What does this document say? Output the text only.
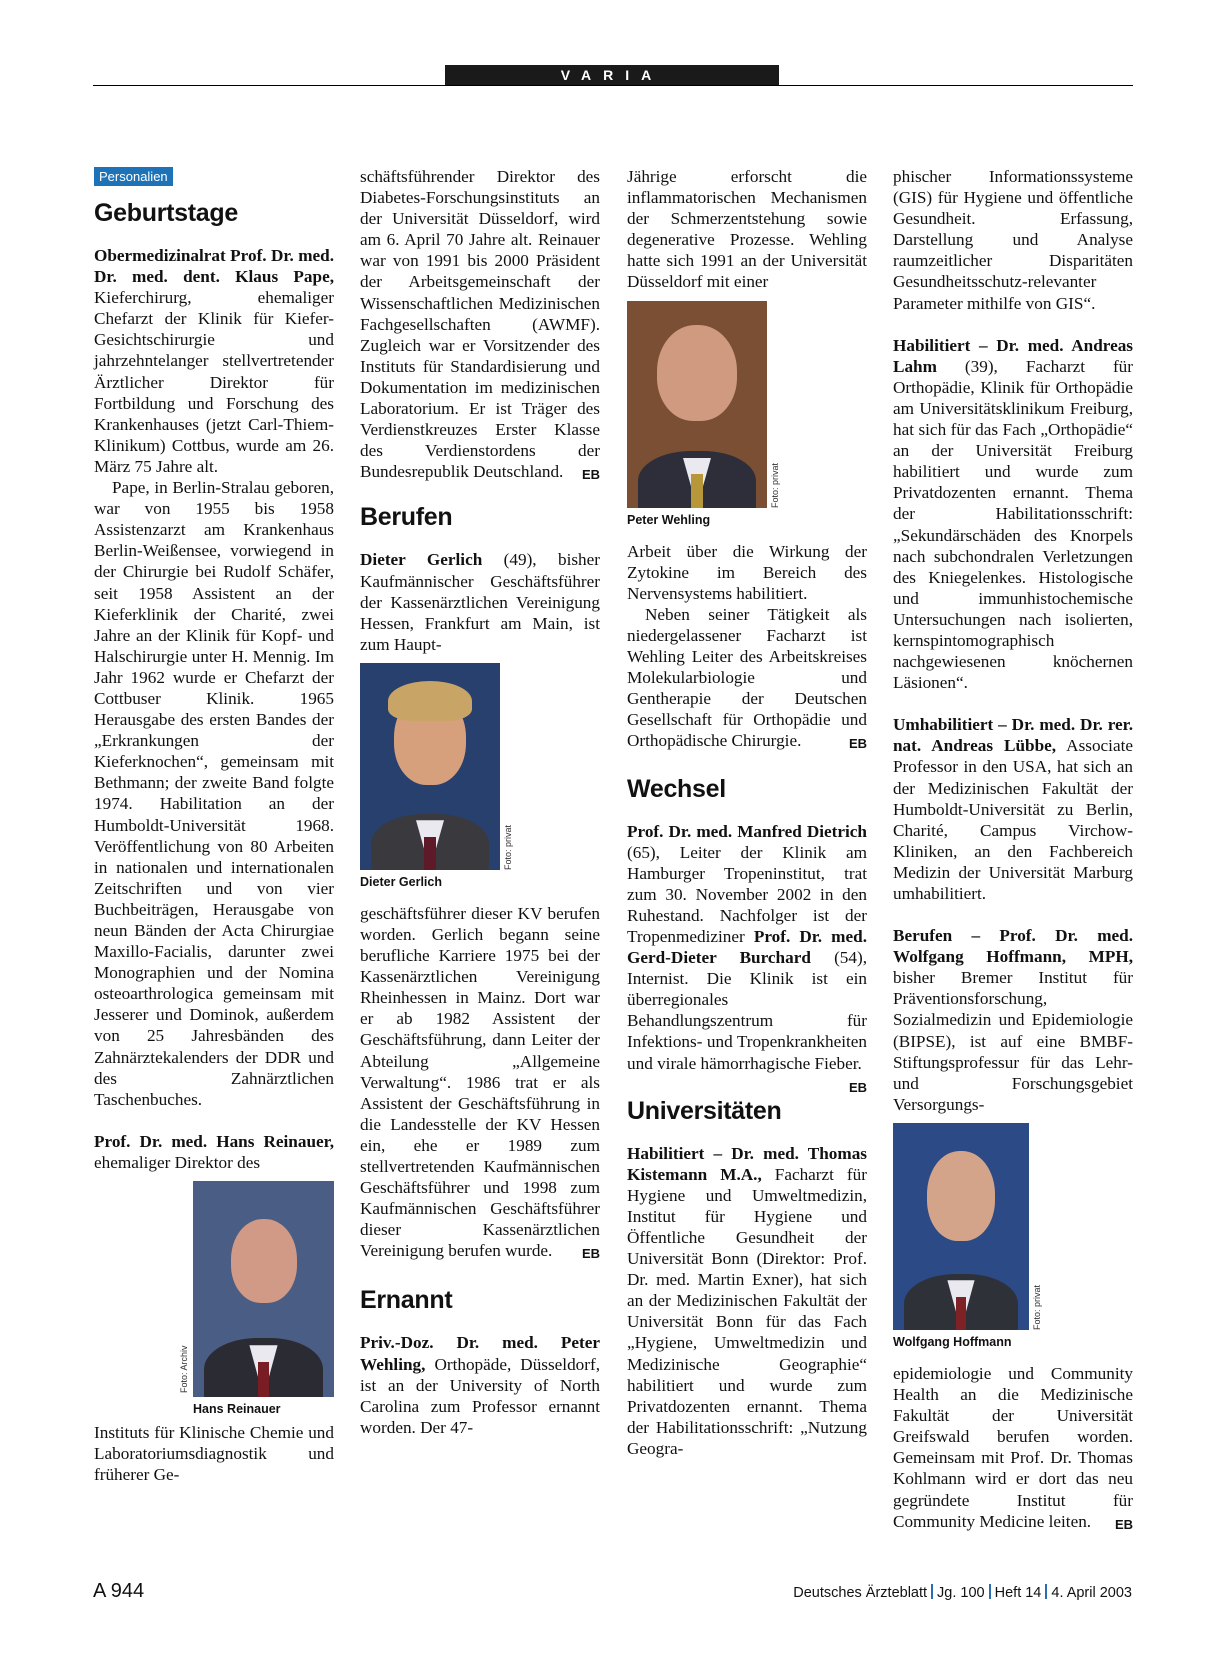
VARIA
Personalien
Geburtstage

Obermedizinalrat Prof. Dr. med. Dr. med. dent. Klaus Pape, Kieferchirurg, ehemaliger Chefarzt der Klinik für Kiefer-Gesichtschirurgie und jahrzehntelanger stellvertretender Ärztlicher Direktor für Fortbildung und Forschung des Krankenhauses (jetzt Carl-Thiem-Klinikum) Cottbus, wurde am 26. März 75 Jahre alt.

Pape, in Berlin-Stralau geboren, war von 1955 bis 1958 Assistenzarzt am Krankenhaus Berlin-Weißensee, vorwiegend in der Chirurgie bei Rudolf Schäfer, seit 1958 Assistent an der Kieferklinik der Charité, zwei Jahre an der Klinik für Kopf- und Halschirurgie unter H. Mennig. Im Jahr 1962 wurde er Chefarzt der Cottbuser Klinik. 1965 Herausgabe des ersten Bandes der „Erkrankungen der Kieferknochen“, gemeinsam mit Bethmann; der zweite Band folgte 1974. Habilitation an der Humboldt-Universität 1968. Veröffentlichung von 80 Arbeiten in nationalen und internationalen Zeitschriften und von vier Buchbeiträgen, Herausgabe von neun Bänden der Acta Chirurgiae Maxillo-Facialis, darunter zwei Monographien und der Nomina osteoarthrologica gemeinsam mit Jesserer und Dominok, außerdem von 25 Jahresbänden des Zahnärztekalenders der DDR und des Zahnärztlichen Taschenbuches.

Prof. Dr. med. Hans Reinauer, ehemaliger Direktor des

Foto: Archiv
Hans Reinauer

Instituts für Klinische Chemie und Laboratoriumsdiagnostik und früherer Ge-

schäftsführender Direktor des Diabetes-Forschungsinstituts an der Universität Düsseldorf, wird am 6. April 70 Jahre alt. Reinauer war von 1991 bis 2000 Präsident der Arbeitsgemeinschaft der Wissenschaftlichen Medizinischen Fachgesellschaften (AWMF). Zugleich war er Vorsitzender des Instituts für Standardisierung und Dokumentation im medizinischen Laboratorium. Er ist Träger des Verdienstkreuzes Erster Klasse des Verdienstordens der Bundesrepublik Deutschland. EB

Berufen

Dieter Gerlich (49), bisher Kaufmännischer Geschäftsführer der Kassenärztlichen Vereinigung Hessen, Frankfurt am Main, ist zum Haupt-

Foto: privat
Dieter Gerlich

geschäftsführer dieser KV berufen worden. Gerlich begann seine berufliche Karriere 1975 bei der Kassenärztlichen Vereinigung Rheinhessen in Mainz. Dort war er ab 1982 Assistent der Geschäftsführung, dann Leiter der Abteilung „Allgemeine Verwaltung“. 1986 trat er als Assistent der Geschäftsführung in die Landesstelle der KV Hessen ein, ehe er 1989 zum stellvertretenden Kaufmännischen Geschäftsführer und 1998 zum Kaufmännischen Geschäftsführer dieser Kassenärztlichen Vereinigung berufen wurde. EB

Ernannt

Priv.-Doz. Dr. med. Peter Wehling, Orthopäde, Düsseldorf, ist an der University of North Carolina zum Professor ernannt worden. Der 47-

Jährige erforscht die inflammatorischen Mechanismen der Schmerzentstehung sowie degenerative Prozesse. Wehling hatte sich 1991 an der Universität Düsseldorf mit einer

Foto: privat
Peter Wehling

Arbeit über die Wirkung der Zytokine im Bereich des Nervensystems habilitiert.

Neben seiner Tätigkeit als niedergelassener Facharzt ist Wehling Leiter des Arbeitskreises Molekularbiologie und Gentherapie der Deutschen Gesellschaft für Orthopädie und Orthopädische Chirurgie.	EB

Wechsel

Prof. Dr. med. Manfred Dietrich (65), Leiter der Klinik am Hamburger Tropeninstitut, trat zum 30. November 2002 in den Ruhestand. Nachfolger ist der Tropenmediziner Prof. Dr. med. Gerd-Dieter Burchard (54), Internist. Die Klinik ist ein überregionales Behandlungszentrum für Infektions- und Tropenkrankheiten und virale hämorrhagische Fieber.
EB

Universitäten

Habilitiert – Dr. med. Thomas Kistemann M.A., Facharzt für Hygiene und Umweltmedizin, Institut für Hygiene und Öffentliche Gesundheit der Universität Bonn (Direktor: Prof. Dr. med. Martin Exner), hat sich an der Medizinischen Fakultät der Universität Bonn für das Fach „Hygiene, Umweltmedizin und Medizinische Geographie“ habilitiert und wurde zum Privatdozenten ernannt. Thema der Habilitationsschrift: „Nutzung Geogra-

phischer Informationssysteme (GIS) für Hygiene und öffentliche Gesundheit. Erfassung, Darstellung und Analyse raumzeitlicher Disparitäten Gesundheitsschutz-relevanter Parameter mithilfe von GIS“.

Habilitiert – Dr. med. Andreas Lahm (39), Facharzt für Orthopädie, Klinik für Orthopädie am Universitätsklinikum Freiburg, hat sich für das Fach „Orthopädie“ an der Universität Freiburg habilitiert und wurde zum Privatdozenten ernannt. Thema der Habilitationsschrift: „Sekundärschäden des Knorpels nach subchondralen Verletzungen des Kniegelenkes. Histologische und immunhistochemische Untersuchungen nach isolierten, kernspintomographisch nachgewiesenen knöchernen Läsionen“.

Umhabilitiert – Dr. med. Dr. rer. nat. Andreas Lübbe, Associate Professor in den USA, hat sich an der Medizinischen Fakultät der Humboldt-Universität zu Berlin, Charité, Campus Virchow-Kliniken, an den Fachbereich Medizin der Universität Marburg umhabilitiert.

Berufen – Prof. Dr. med. Wolfgang Hoffmann, MPH, bisher Bremer Institut für Präventionsforschung, Sozialmedizin und Epidemiologie (BIPSE), ist auf eine BMBF-Stiftungsprofessur für das Lehr- und Forschungsgebiet Versorgungs-

Foto: privat
Wolfgang Hoffmann

epidemiologie und Community Health an die Medizinische Fakultät der Universität Greifswald berufen worden. Gemeinsam mit Prof. Dr. Thomas Kohlmann wird er dort das neu gegründete Institut für Community Medicine leiten. EB

A 944	Deutsches Ärzteblatt Jg. 100 Heft 14 4. April 2003
